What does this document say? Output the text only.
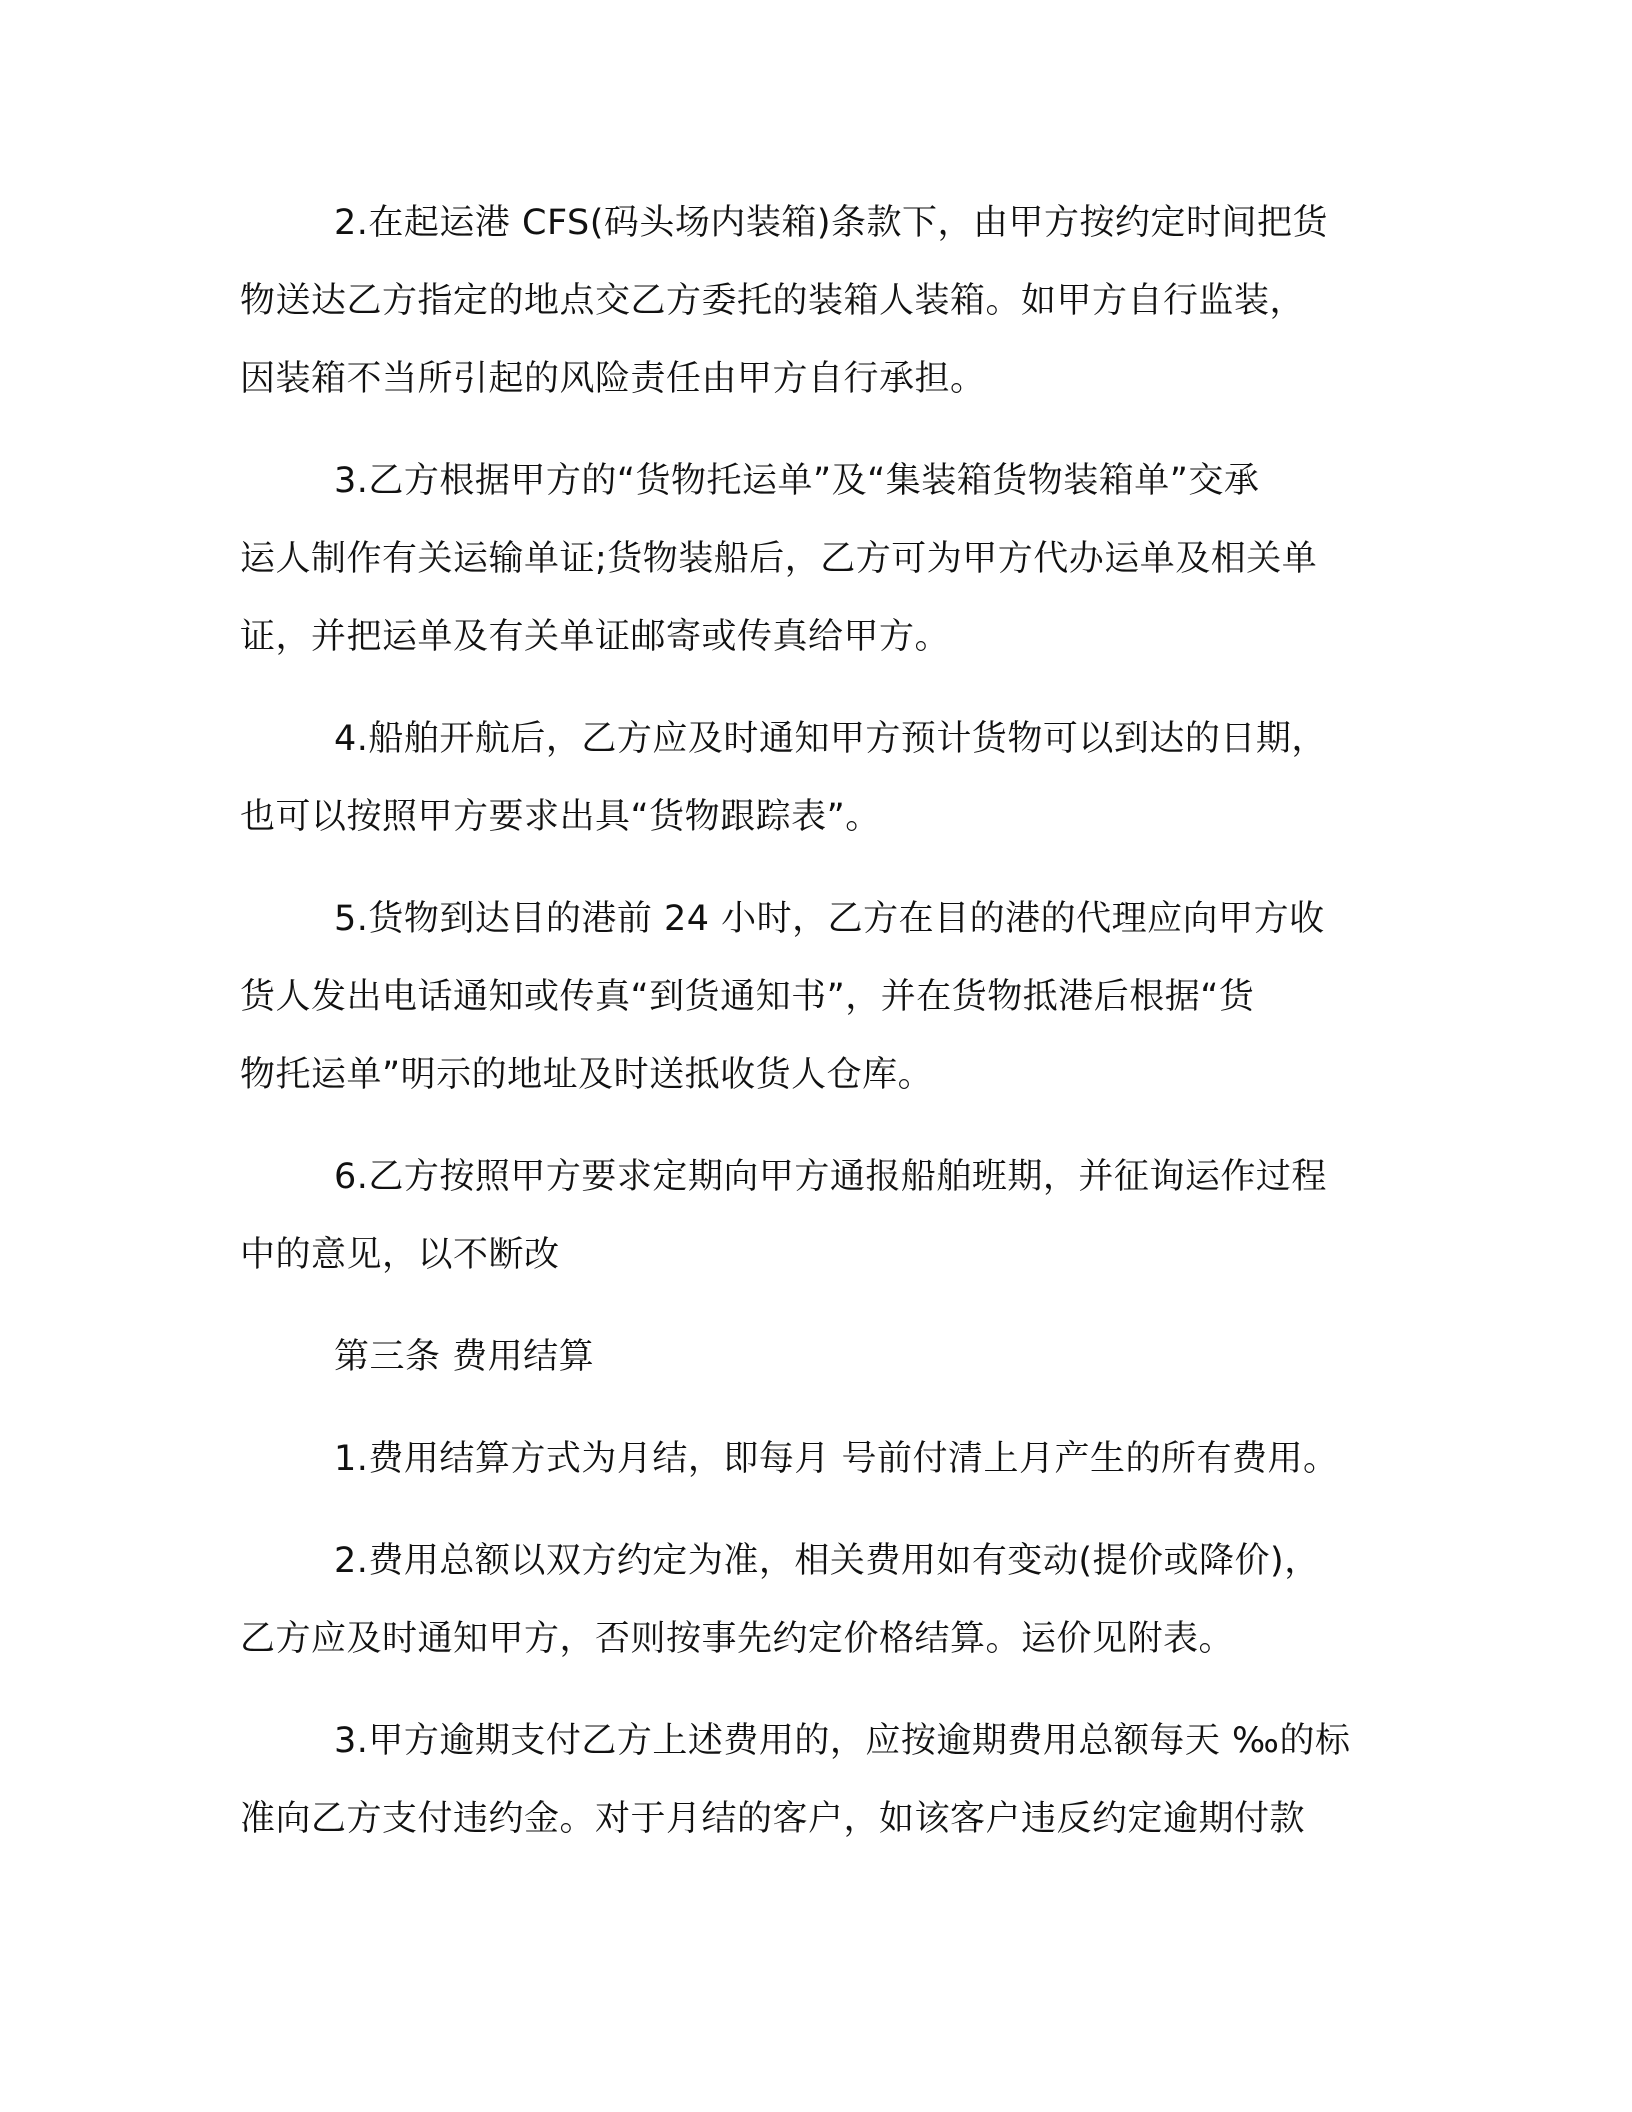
2.在起运港 CFS(码头场内装箱)条款下，由甲方按约定时间把货
物送达乙方指定的地点交乙方委托的装箱人装箱。如甲方自行监装，
因装箱不当所引起的风险责任由甲方自行承担。
3.乙方根据甲方的“货物托运单”及“集装箱货物装箱单”交承
运人制作有关运输单证;货物装船后，乙方可为甲方代办运单及相关单
证，并把运单及有关单证邮寄或传真给甲方。
4.船舶开航后，乙方应及时通知甲方预计货物可以到达的日期，
也可以按照甲方要求出具“货物跟踪表”。
5.货物到达目的港前 24 小时，乙方在目的港的代理应向甲方收
货人发出电话通知或传真“到货通知书”，并在货物抵港后根据“货
物托运单”明示的地址及时送抵收货人仓库。
6.乙方按照甲方要求定期向甲方通报船舶班期，并征询运作过程
中的意见，以不断改
第三条 费用结算
1.费用结算方式为月结，即每月 号前付清上月产生的所有费用。
2.费用总额以双方约定为准，相关费用如有变动(提价或降价)，
乙方应及时通知甲方，否则按事先约定价格结算。运价见附表。
3.甲方逾期支付乙方上述费用的，应按逾期费用总额每天 ‰的标
准向乙方支付违约金。对于月结的客户，如该客户违反约定逾期付款
